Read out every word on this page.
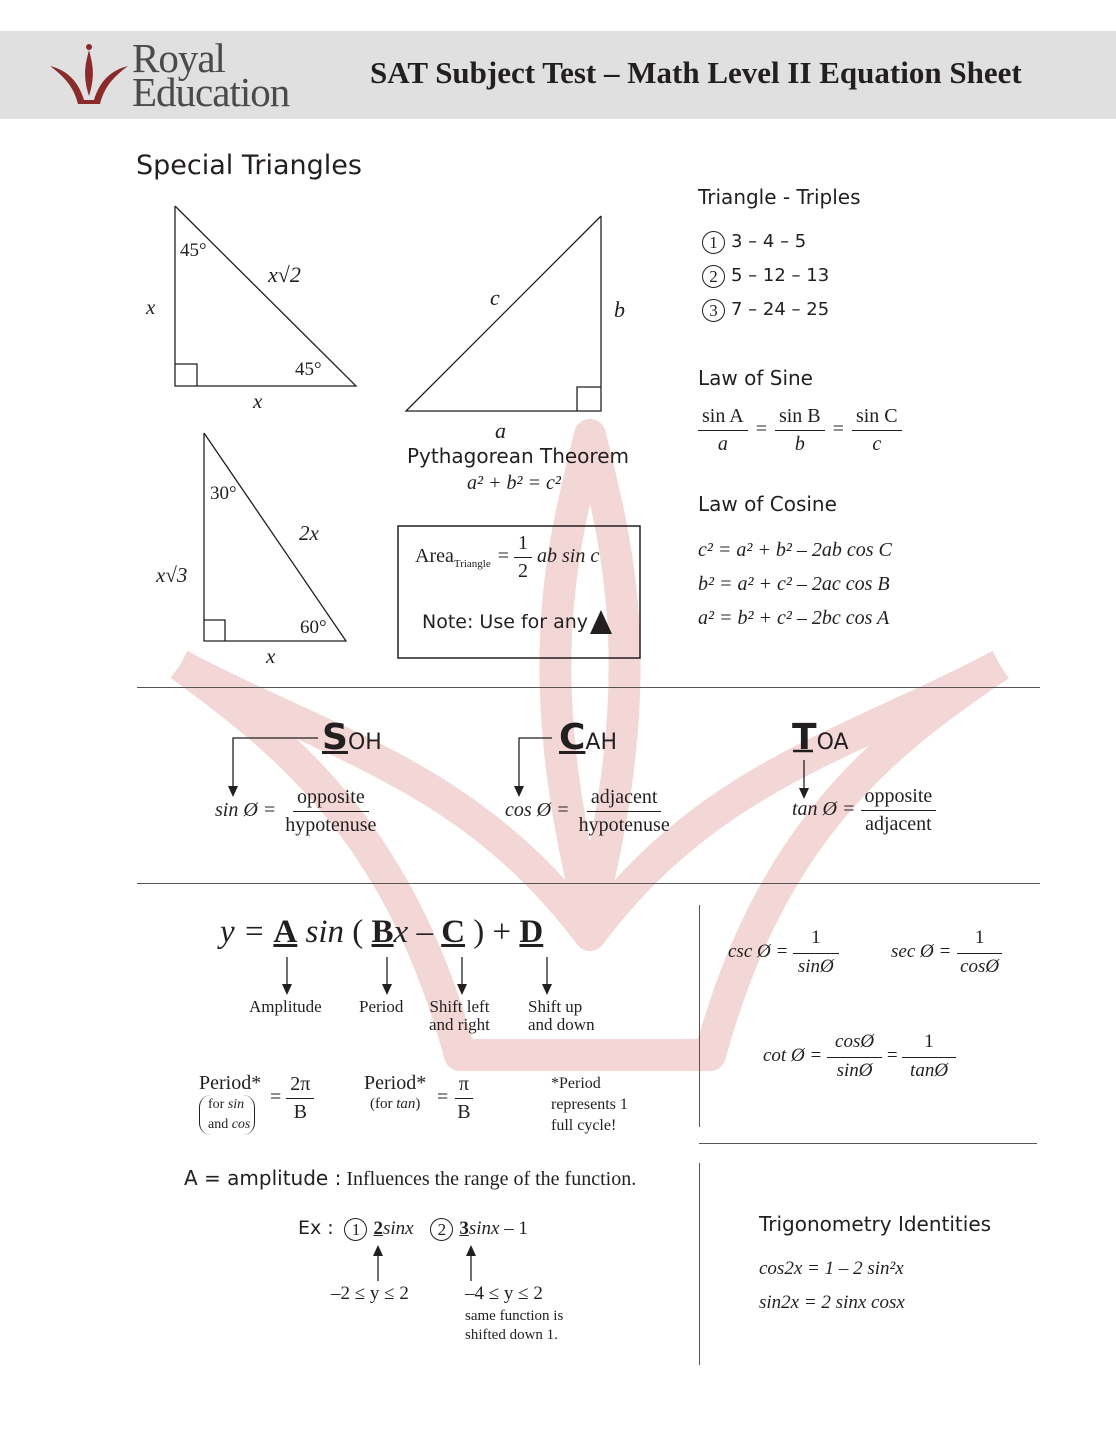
Royal
Education	SAT Subject Test – Math Level II Equation Sheet
Special Triangles
45°
45°
x√2
x
x
30°
60°
2x
x√3
x
c	b
a
Pythagorean Theorem
a² + b² = c²
Area$_{Triangle}$ = $\frac{1}{2}$ ab sin c
Note: Use for any
Triangle - Triples
1 3 – 4 – 5
2 5 – 12 – 13
3 7 – 24 – 25
Law of Sine
$\frac{\text{sin A}}{a} = \frac{\text{sin B}}{b} = \frac{\text{sin C}}{c}$
Law of Cosine
c² = a² + b² – 2ab cos C
b² = a² + c² – 2ac cos B
a² = b² + c² – 2bc cos A
SOH
sin Ø = $\frac{\text{opposite}}{\text{hypotenuse}}$
CAH
cos Ø = $\frac{\text{adjacent}}{\text{hypotenuse}}$
TOA
tan Ø = $\frac{\text{opposite}}{\text{adjacent}}$
y = A sin ( Bx – C ) + D
Amplitude Period Shift left
and right
Shift up
and down
Period*
for sin
and cos
= $\frac{2\pi}{B}$ Period*
(for $\tan) = \frac{\pi}{B}$	*Period
represents 1
full cycle!
A = amplitude : Influences the range of the function.
Ex : 1 2sinx 2 3sinx – 1
–2 ≤ y ≤ 2	–4 ≤ y ≤ 2
same function is
shifted down 1.
csc Ø = $\frac{1}{\sin Ø}$	sec Ø = $\frac{1}{\cos Ø}$
cot Ø = $\frac{\cos Ø}{\sin Ø} = \frac{1}{\tan Ø}$
Trigonometry Identities
cos2x = 1 – 2 sin²x
sin2x = 2 sinx cosx
